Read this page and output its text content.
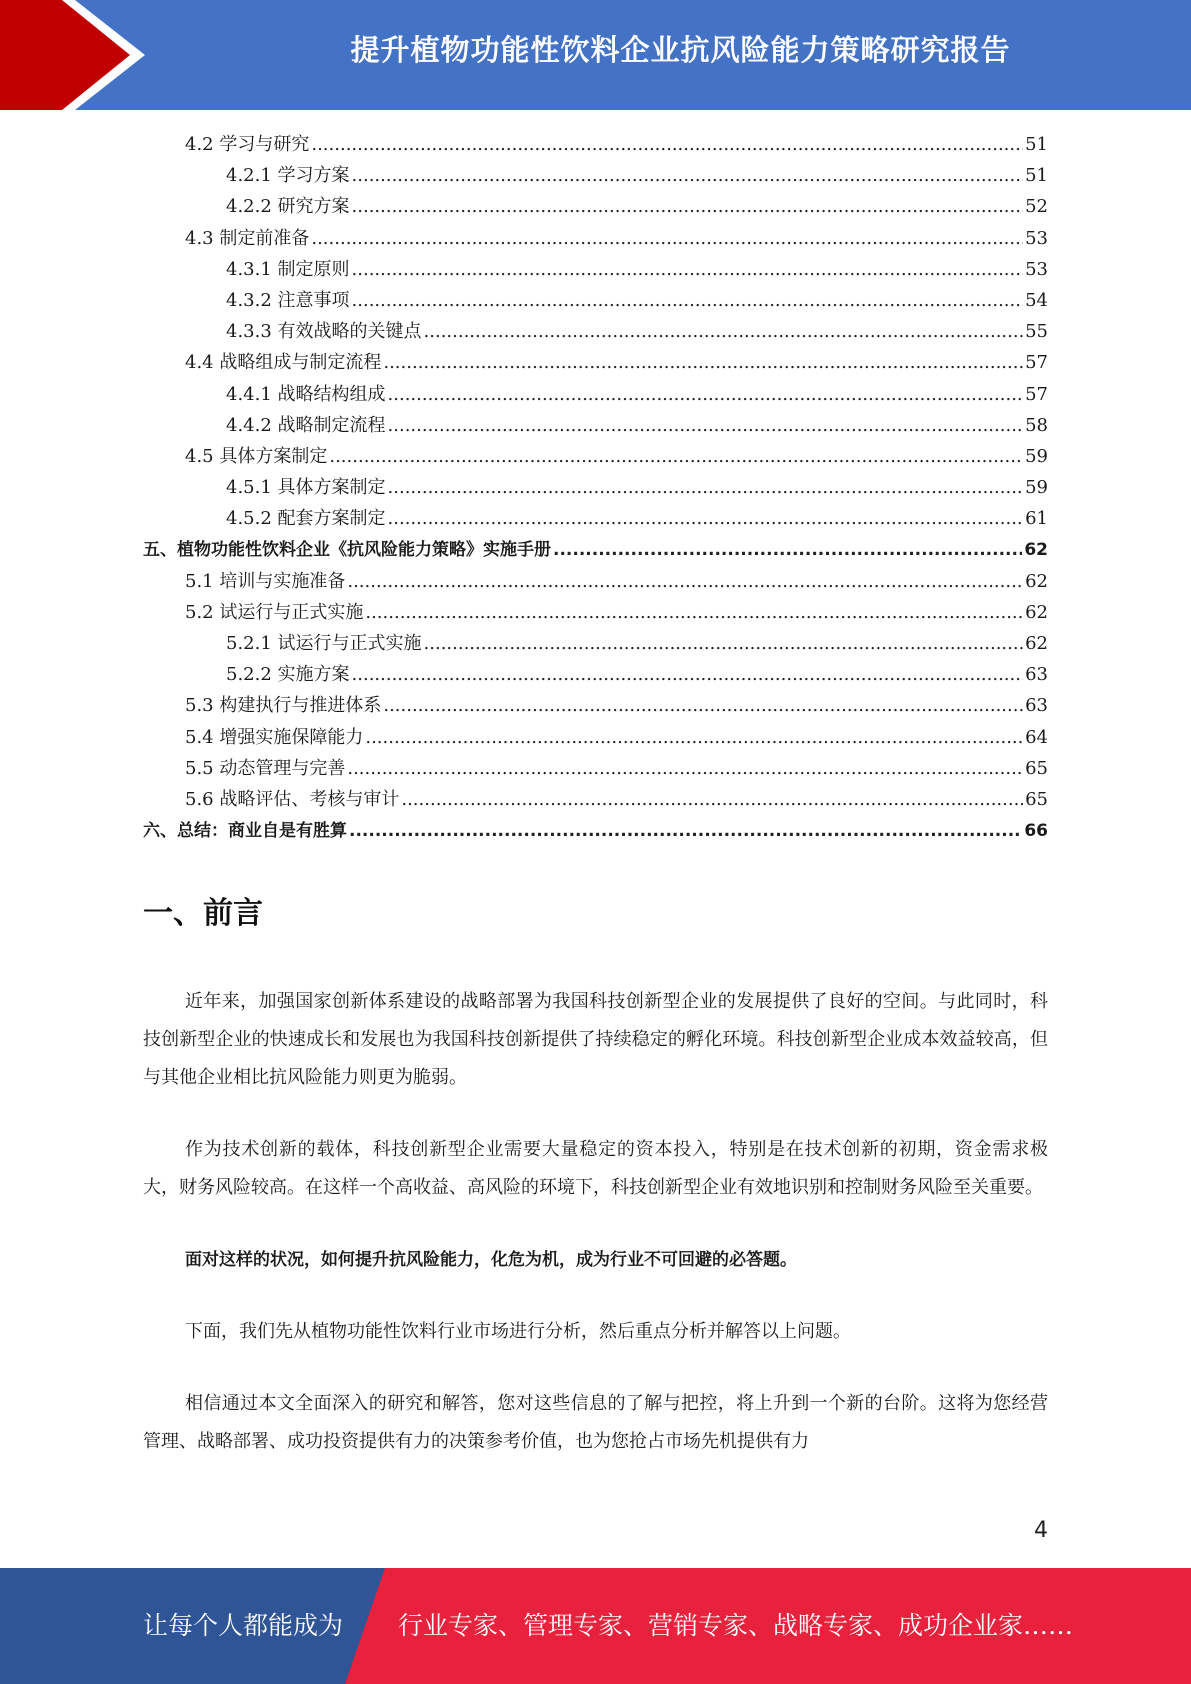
提升植物功能性饮料企业抗风险能力策略研究报告
4.2 学习与研究 .....	51
4.2.1 学习方案 .....	51
4.2.2 研究方案 .....	52
4.3 制定前准备 .....	53
4.3.1 制定原则 .....	53
4.3.2 注意事项 .....	54
4.3.3 有效战略的关键点 .....	55
4.4 战略组成与制定流程 .....	57
4.4.1 战略结构组成 .....	57
4.4.2 战略制定流程 .....	58
4.5 具体方案制定 .....	59
4.5.1 具体方案制定 .....	59
4.5.2 配套方案制定 .....	61
五、植物功能性饮料企业《抗风险能力策略》实施手册 .....	62
5.1 培训与实施准备 .....	62
5.2 试运行与正式实施 .....	62
5.2.1 试运行与正式实施 .....	62
5.2.2 实施方案 .....	63
5.3 构建执行与推进体系 .....	63
5.4 增强实施保障能力 .....	64
5.5 动态管理与完善 .....	65
5.6 战略评估、考核与审计 .....	65
六、总结：商业自是有胜算 .....	66
一、前言

近年来，加强国家创新体系建设的战略部署为我国科技创新型企业的发展提供了良好的空间。与此同时，科技创新型企业的快速成长和发展也为我国科技创新提供了持续稳定的孵化环境。科技创新型企业成本效益较高，但与其他企业相比抗风险能力则更为脆弱。

作为技术创新的载体，科技创新型企业需要大量稳定的资本投入，特别是在技术创新的初期，资金需求极大，财务风险较高。在这样一个高收益、高风险的环境下，科技创新型企业有效地识别和控制财务风险至关重要。

面对这样的状况，如何提升抗风险能力，化危为机，成为行业不可回避的必答题。

下面，我们先从植物功能性饮料行业市场进行分析，然后重点分析并解答以上问题。

相信通过本文全面深入的研究和解答，您对这些信息的了解与把控，将上升到一个新的台阶。这将为您经营管理、战略部署、成功投资提供有力的决策参考价值，也为您抢占市场先机提供有力

4
让每个人都能成为 行业专家、管理专家、营销专家、战略专家、成功企业家……
